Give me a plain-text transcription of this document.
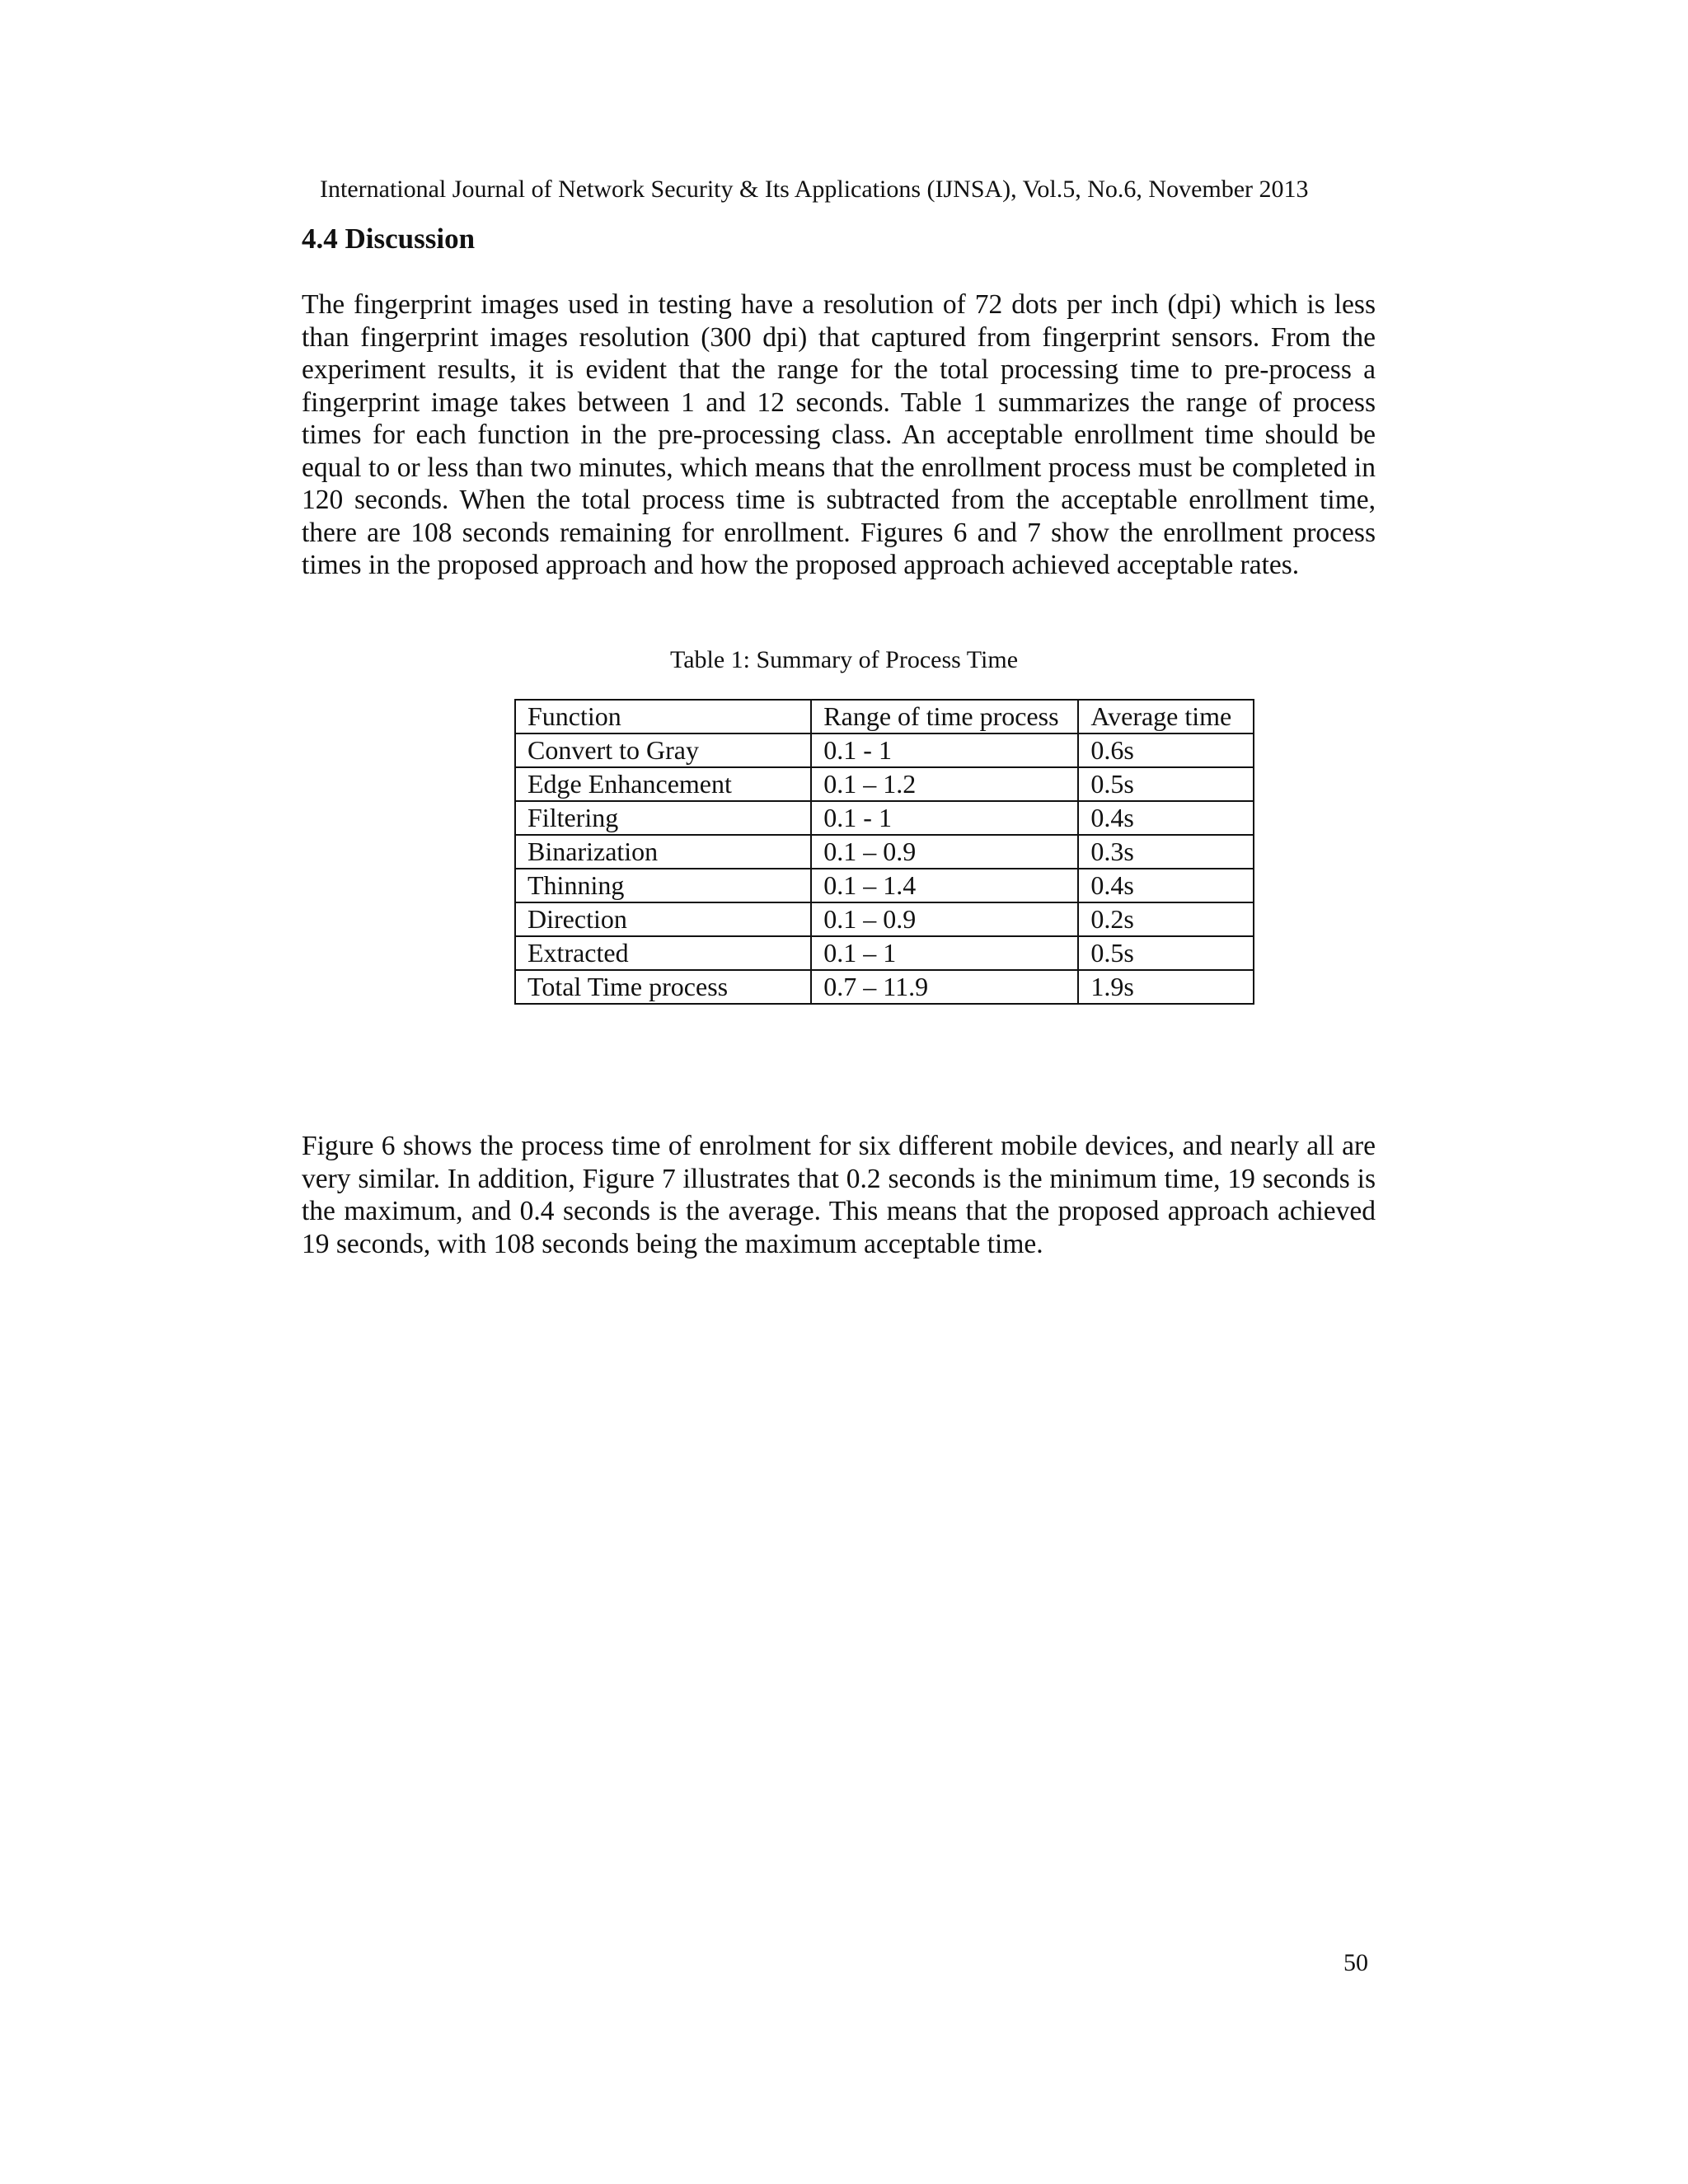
International Journal of Network Security & Its Applications (IJNSA), Vol.5, No.6, November 2013
4.4 Discussion

The fingerprint images used in testing have a resolution of 72 dots per inch (dpi) which is less than fingerprint images resolution (300 dpi) that captured from fingerprint sensors. From the experiment results, it is evident that the range for the total processing time to pre-process a fingerprint image takes between 1 and 12 seconds. Table 1 summarizes the range of process times for each function in the pre-processing class. An acceptable enrollment time should be equal to or less than two minutes, which means that the enrollment process must be completed in 120 seconds. When the total process time is subtracted from the acceptable enrollment time, there are 108 seconds remaining for enrollment. Figures 6 and 7 show the enrollment process times in the proposed approach and how the proposed approach achieved acceptable rates.

Table 1: Summary of Process Time
Function	Range of time process	Average time
Convert to Gray	0.1 - 1	0.6s
Edge Enhancement	0.1 – 1.2	0.5s
Filtering	0.1 - 1	0.4s
Binarization	0.1 – 0.9	0.3s
Thinning	0.1 – 1.4	0.4s
Direction	0.1 – 0.9	0.2s
Extracted	0.1 – 1	0.5s
Total Time process	0.7 – 11.9	1.9s

Figure 6 shows the process time of enrolment for six different mobile devices, and nearly all are very similar. In addition, Figure 7 illustrates that 0.2 seconds is the minimum time, 19 seconds is the maximum, and 0.4 seconds is the average. This means that the proposed approach achieved 19 seconds, with 108 seconds being the maximum acceptable time.

50
